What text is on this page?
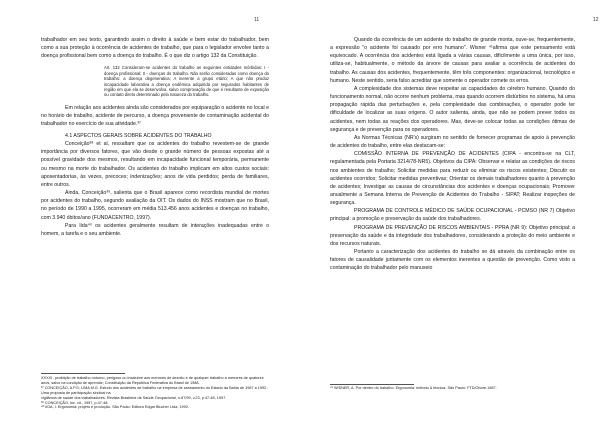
11

trabalhador em seu texto, garantindo assim o direito à saúde e bem estar do trabalhador, bem como a sua proteção à ocorrência de acidentes de trabalho, que para o legislador envolve tanto a doença profissional bem como a doença do trabalho. É o que diz o artigo 132 da Constituição.

Art. 132 Consideram-se acidentes do trabalho as seguintes entidades mórbidas: I - doença profissional; II - doenças do trabalho. Não serão consideradas como doença do trabalho: a doença degenerativa; A inerente a grupo etário; A que não produz incapacidade laborativa a doença endêmica adquirida por segurados habitantes de região em que ela se desenvolva, salvo comprovação de que é resultante de exposição ou contato direto determinado pela natureza do trabalho.

Em relação aos acidentes ainda são considerados por equiparação o acidente no local e no horário de trabalho, acidente de percurso, a doença proveniente de contaminação acidental do trabalhador no exercício de sua atividade.³⁷

4.1 ASPECTOS GERAIS SOBRE ACIDENTES DO TRABALHO

Conceição³⁸ et al, ressaltam que os acidentes do trabalho revestem-se de grande importância por diversos fatores, que vão desde o grande número de pessoas expostas até a possível gravidade dos mesmos, resultando em incapacidade funcional temporária, permanente ou mesmo na morte do trabalhador. Os acidentes do trabalho implicam em altos custos sociais: aposentadorias, às vezes, precoces; indenizações; anos de vida perdidos; perda de familiares, entre outros.

Ainda, Conceição³⁹, salienta que o Brasil aparece como recordista mundial de mortes por acidentes do trabalho, segundo avaliação da OIT. Os dados do INSS mostram que no Brasil, no período de 1990 a 1995, ocorreram em média 513.456 anos acidentes e doenças no trabalho, com 3.940 óbitos/ano (FUNDACENTRO, 1997).

Para Iida⁴⁰ os acidentes geralmente resultam de interações inadequadas entre o homem, a tarefa e o seu ambiente.

XXXIII - proibição de trabalho noturno, perigoso ou insalubre aos menores de dezoito e de qualquer trabalho a menores de quatorze anos, salvo na condição de aprendiz; Constituição da República Federativa do Brasil de 1988.
³⁷ CONCEIÇÃO, A.P.S; LIMA M.G. Estudo dos acidentes de trabalho na empresa de saneamento do Estado da Bahia de 1987 a 1992 : Uma proposta de participação sindical na
vigilância de saúde dos trabalhadores. Revista Brasileira de Saúde Ocupacional, n.87/99, v.23, p.47-48, 1997.
³⁸ CONCEIÇÃO, loc. cit., 1997, p.47-48.
⁴⁰ IIDA, I. Ergonomia: projeto e produção. São Paulo: Editora Edgar Blucher Ltda, 1992.
12

Quando da ocorrência de um acidente do trabalho de grande monta, ouve-se, frequentemente, a expressão "o acidente foi causado por erro humano". Wisner ⁴¹afirma que este pensamento está equivocado. A ocorrência dos acidentes está ligada a várias causas, dificilmente a uma única, por isso, utiliza-se, habitualmente, o método da árvore de causas para avaliar a ocorrência de acidentes do trabalho. As causas dos acidentes, frequentemente, têm três componentes: organizacional, tecnológico e humano. Neste sentido, seria falso acreditar que somente o operador comete os erros.

A complexidade dos sistemas deve respeitar as capacidades do cérebro humano. Quando do funcionamento normal, não ocorre nenhum problema, mas quando ocorrem distúrbios no sistema, há uma propagação rápida das perturbações e, pela complexidade das combinações, o operador pode ter dificuldade de localizar as suas origens. O autor salienta, ainda, que não se podem prever todos os acidentes, nem todas as reações dos operadores. Mas, deve-se colocar todas as condições ótimas de segurança e de prevenção para os operadores.

As Normas Técnicas (NR's) surgiram no sentido de fornecer programas de apoio à prevenção de acidentes do trabalho, entre elas destacam-se:

COMISSÃO INTERNA DE PREVENÇÃO DE ACIDENTES (CIPA - encontra-se na CLT, regulamentada pela Portaria 3214/78-NR5). Objetivos da CIPA: Observar e relatar as condições de riscos nos ambientes de trabalho; Solicitar medidas para reduzir ou eliminar os riscos existentes; Discutir os acidentes ocorridos; Solicitar medidas preventivas; Orientar os demais trabalhadores quanto à prevenção de acidentes; Investigar as causas de circunstâncias dos acidentes e doenças ocupacionais; Promover anualmente a Semana Interna de Prevenção de Acidentes do Trabalho - SIPAT; Realizar inspeções de segurança.

PROGRAMA DE CONTROLE MÉDICO DE SAÚDE OCUPACIONAL - PCMSO (NR 7) Objetivo principal: a promoção e preservação da saúde dos trabalhadores.

PROGRAMA DE PREVENÇÃO DE RISCOS AMBIENTAIS - PPRA (NR 9): Objetivo principal: a preservação da saúde e da integridade dos trabalhadores, considerando a proteção do meio ambiente e dos recursos naturais.

Portanto a caracterização dos acidentes do trabalho se dá através da combinação entre os fatores de causalidade juntamente com os elementos inerentes a questão de prevenção. Como visto a contaminação do trabalhador pelo manuseio

⁴¹ WISNER, A. Por dentro do trabalho. Ergonomia: método & técnica. São Paulo: FTD/Oboré,1987.
